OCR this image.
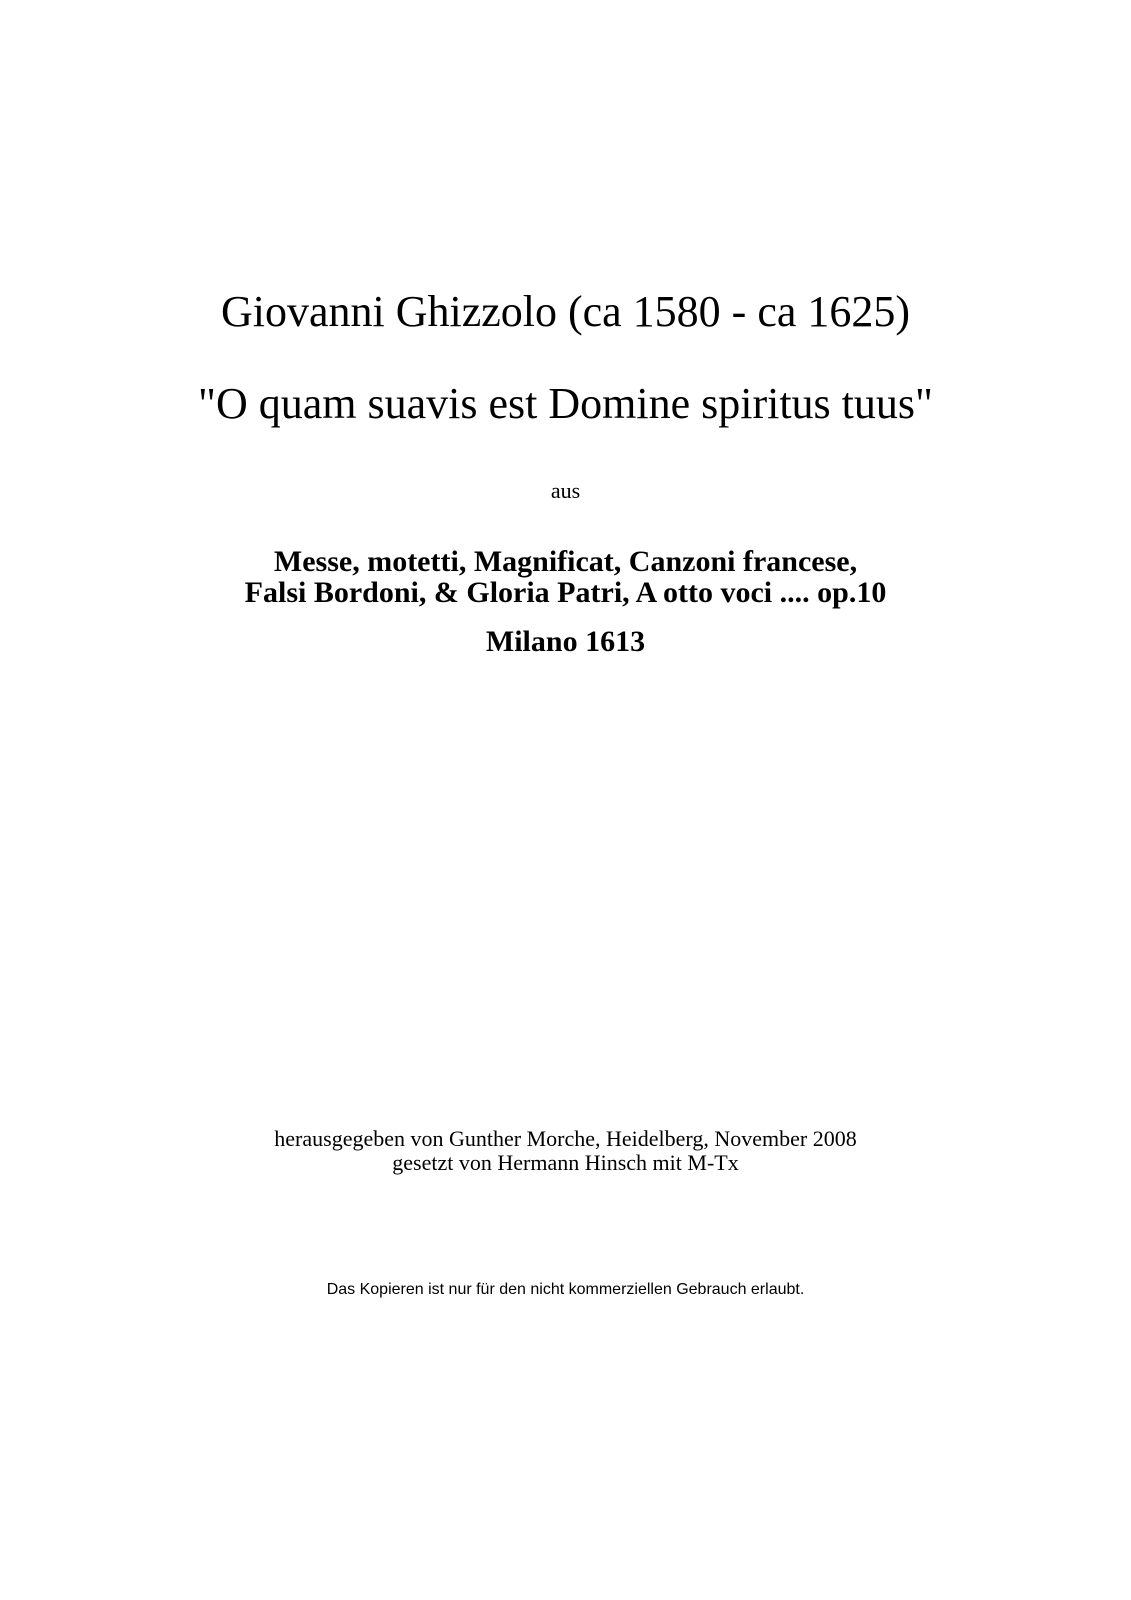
Giovanni Ghizzolo (ca 1580 - ca 1625)
"O quam suavis est Domine spiritus tuus"
aus
Messe, motetti, Magnificat, Canzoni francese,
Falsi Bordoni, & Gloria Patri, A otto voci .... op.10
Milano 1613
herausgegeben von Gunther Morche, Heidelberg, November 2008
gesetzt von Hermann Hinsch mit M-Tx
Das Kopieren ist nur für den nicht kommerziellen Gebrauch erlaubt.
